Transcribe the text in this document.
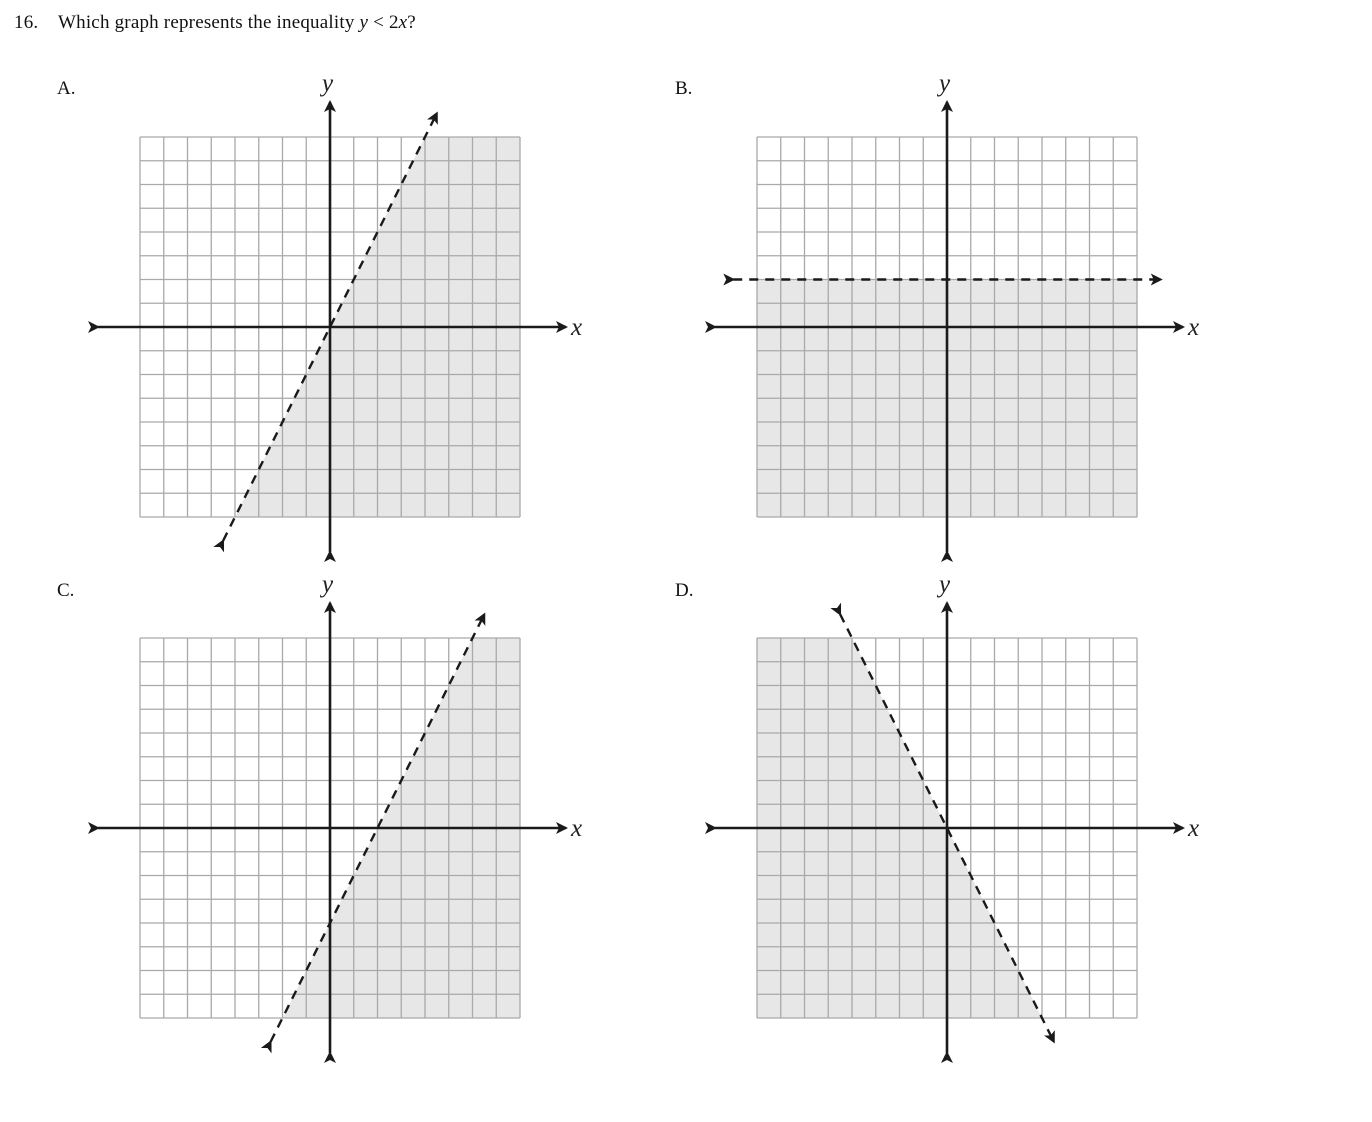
16. Which graph represents the inequality y < 2x?
A.
x
y	B.
x
y
C.
x
y	D.
x
y
